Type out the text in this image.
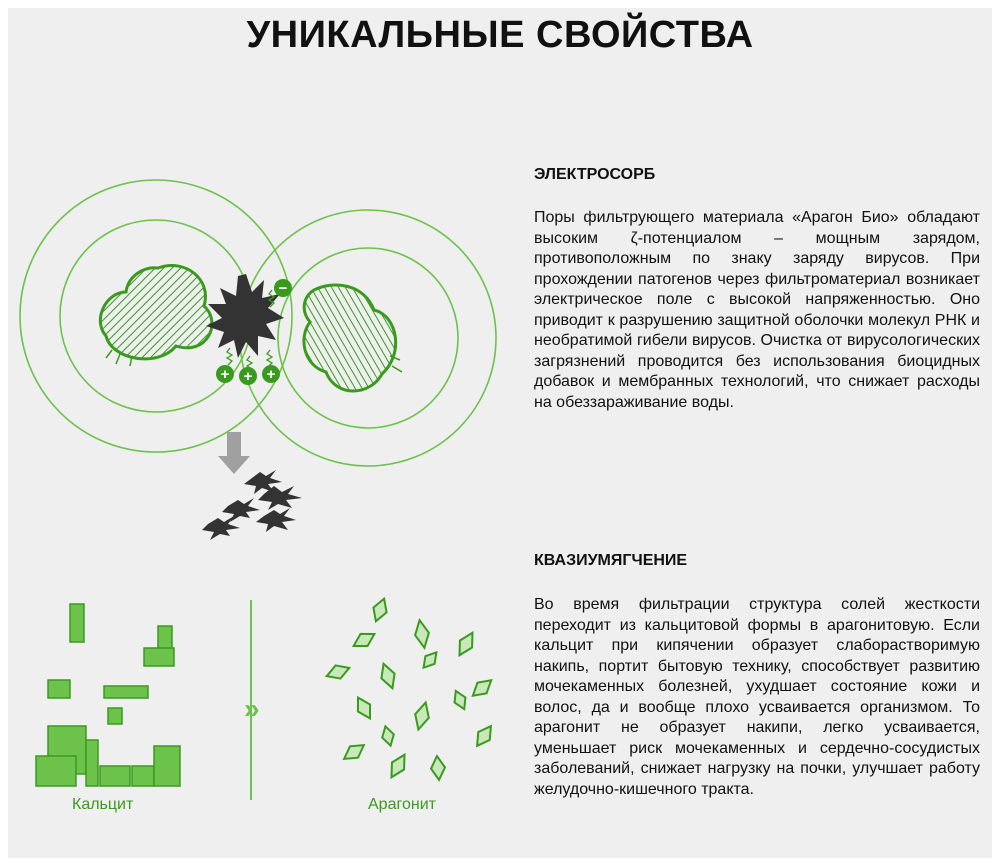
УНИКАЛЬНЫЕ СВОЙСТВА
ЭЛЕКТРОСОРБ
Поры фильтрующего материала «Арагон Био» обладают высоким ζ-потенциалом – мощным зарядом, противоположным по знаку заряду вирусов. При прохождении патогенов через фильтроматериал возникает электрическое поле с высокой напряженностью. Оно приводит к разрушению защитной оболочки молекул РНК и необратимой гибели вирусов. Очистка от вирусологических загрязнений проводится без использования биоцидных добавок и мембранных технологий, что снижает расходы на обеззараживание воды.
КВАЗИУМЯГЧЕНИЕ
Во время фильтрации структура солей жесткости переходит из кальцитовой формы в арагонитовую. Если кальцит при кипячении образует слаборастворимую накипь, портит бытовую технику, способствует развитию мочекаменных болезней, ухудшает состояние кожи и волос, да и вообще плохо усваивается организмом. То арагонит не образует накипи, легко усваивается, уменьшает риск мочекаменных и сердечно-сосудистых заболеваний, снижает нагрузку на почки, улучшает работу желудочно-кишечного тракта.
−
+ + +
»
Кальцит	Арагонит
